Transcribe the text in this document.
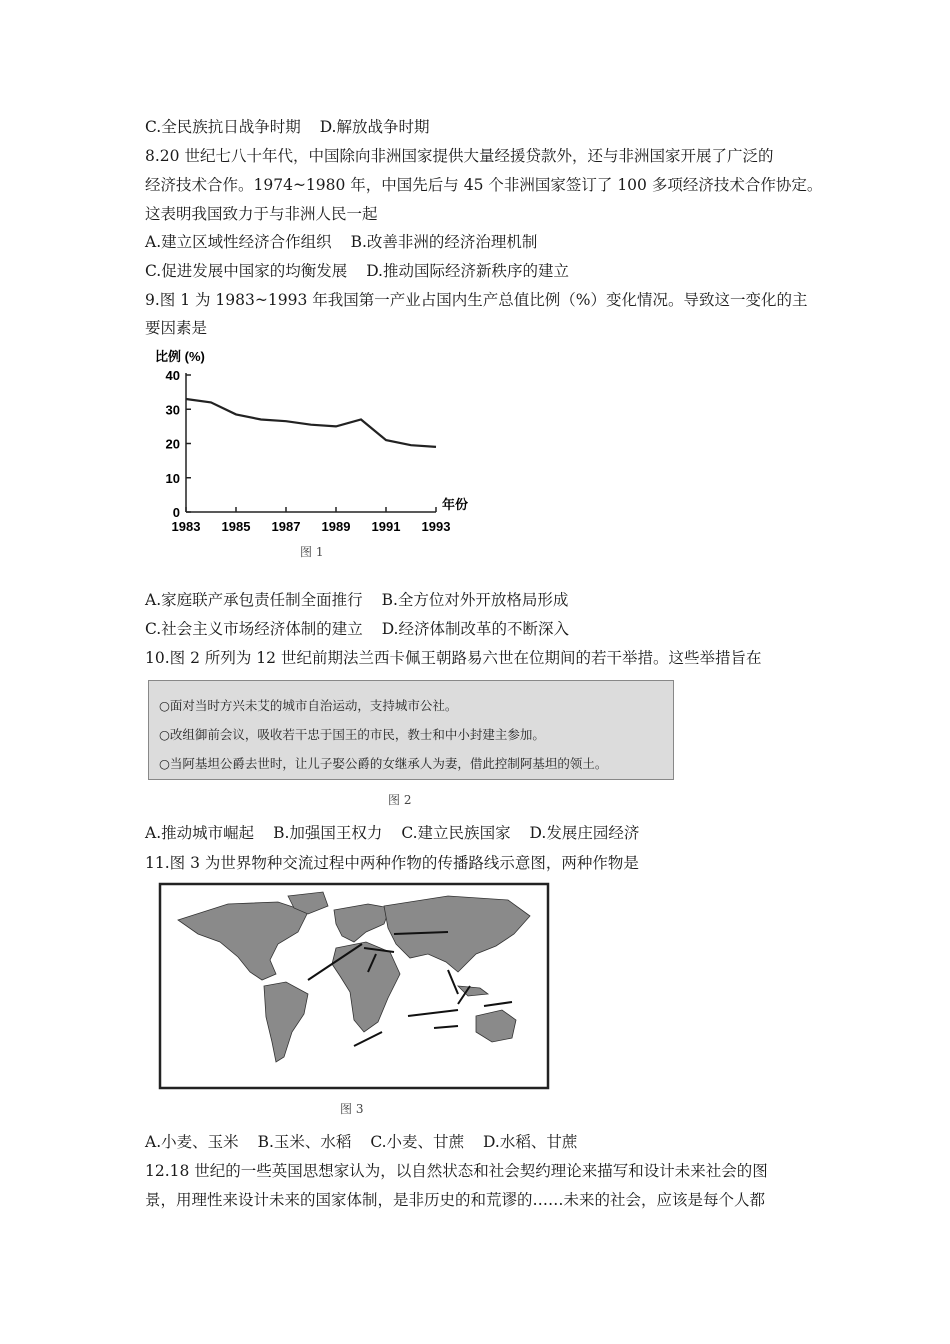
C.全民族抗日战争时期 D.解放战争时期
8.20 世纪七八十年代，中国除向非洲国家提供大量经援贷款外，还与非洲国家开展了广泛的
经济技术合作。1974~1980 年，中国先后与 45 个非洲国家签订了 100 多项经济技术合作协定。
这表明我国致力于与非洲人民一起
A.建立区域性经济合作组织 B.改善非洲的经济治理机制
C.促进发展中国家的均衡发展 D.推动国际经济新秩序的建立
9.图 1 为 1983~1993 年我国第一产业占国内生产总值比例（%）变化情况。导致这一变化的主
要因素是
比例 (%)
0
10
20
30
40
1983 1985 1987 1989 1991 1993
年份
图 1
A.家庭联产承包责任制全面推行 B.全方位对外开放格局形成
C.社会主义市场经济体制的建立 D.经济体制改革的不断深入
10.图 2 所列为 12 世纪前期法兰西卡佩王朝路易六世在位期间的若干举措。这些举措旨在
○面对当时方兴未艾的城市自治运动，支持城市公社。
○改组御前会议，吸收若干忠于国王的市民，教士和中小封建主参加。
○当阿基坦公爵去世时，让儿子娶公爵的女继承人为妻，借此控制阿基坦的领土。
图 2
A.推动城市崛起 B.加强国王权力 C.建立民族国家 D.发展庄园经济
11.图 3 为世界物种交流过程中两种作物的传播路线示意图，两种作物是
图 3
A.小麦、玉米 B.玉米、水稻 C.小麦、甘蔗 D.水稻、甘蔗
12.18 世纪的一些英国思想家认为，以自然状态和社会契约理论来描写和设计未来社会的图
景，用理性来设计未来的国家体制，是非历史的和荒谬的……未来的社会，应该是每个人都
